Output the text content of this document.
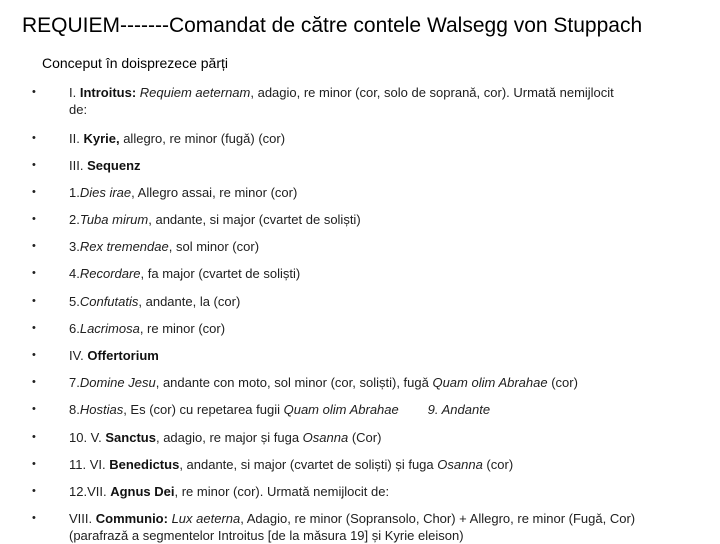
REQUIEM-------Comandat de către contele Walsegg von Stuppach
Conceput în doisprezece părți
•	I. Introitus: Requiem aeternam, adagio, re minor (cor, solo de sopranǎ, cor). Urmatǎ nemijlocit
de:
•	II. Kyrie, allegro, re minor (fugǎ) (cor)
•	III. Sequenz
•	1.Dies irae, Allegro assai, re minor (cor)
•	2.Tuba mirum, andante, si major (cvartet de soliști)
•	3.Rex tremendae, sol minor (cor)
•	4.Recordare, fa major (cvartet de soliști)
•	5.Confutatis, andante, la (cor)
•	6.Lacrimosa, re minor (cor)
•	IV. Offertorium
•	7.Domine Jesu, andante con moto, sol minor (cor, soliști), fugǎ Quam olim Abrahae (cor)
•	8.Hostias, Es (cor) cu repetarea fugii Quam olim Abrahae        9. Andante
•	10. V. Sanctus, adagio, re major și fuga Osanna (Cor)
•	11. VI. Benedictus, andante, si major (cvartet de soliști) și fuga Osanna (cor)
•	12.VII. Agnus Dei, re minor (cor). Urmatǎ nemijlocit de:
•	VIII. Communio: Lux aeterna, Adagio, re minor (Sopransolo, Chor) + Allegro, re minor (Fugǎ, Cor)
(parafrazǎ a segmentelor Introitus [de la mǎsura 19] și Kyrie eleison)
